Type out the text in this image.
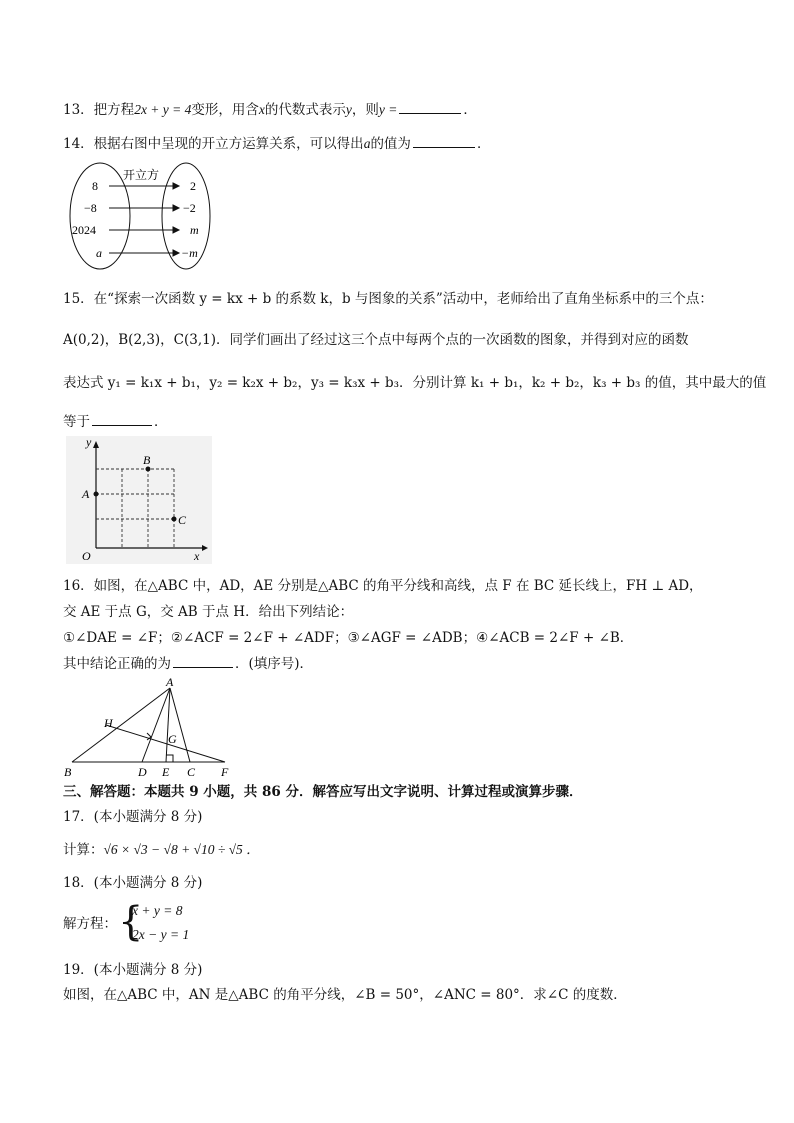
13．把方程2x + y = 4变形，用含x的代数式表示y，则y =	．
14．根据右图中呈现的开立方运算关系，可以得出a的值为	．
开立方
8
−8
2024
a
2
−2
m
−m
15．在“探索一次函数 y = kx + b 的系数 k，b 与图象的关系”活动中，老师给出了直角坐标系中的三个点：
A(0,2)，B(2,3)，C(3,1)．同学们画出了经过这三个点中每两个点的一次函数的图象，并得到对应的函数
表达式 y₁ = k₁x + b₁，y₂ = k₂x + b₂，y₃ = k₃x + b₃．分别计算 k₁ + b₁，k₂ + b₂，k₃ + b₃ 的值，其中最大的值
等于	．
y
x
O
A
B
C
16．如图，在△ABC 中，AD，AE 分别是△ABC 的角平分线和高线，点 F 在 BC 延长线上，FH ⊥ AD，
交 AE 于点 G，交 AB 于点 H．给出下列结论：
①∠DAE = ∠F；②∠ACF = 2∠F + ∠ADF；③∠AGF = ∠ADB；④∠ACB = 2∠F + ∠B．
其中结论正确的为	．(填序号)．
A
B	C
D E	F
G
H
三、解答题：本题共 9 小题，共 86 分．解答应写出文字说明、计算过程或演算步骤．
17．(本小题满分 8 分)
计算：√6 × √3 − √8 + √10 ÷ √5 ．
18．(本小题满分 8 分)
解方程： {
x + y = 8
2x − y = 1
19．(本小题满分 8 分)
如图，在△ABC 中，AN 是△ABC 的角平分线，∠B = 50°，∠ANC = 80°．求∠C 的度数．
